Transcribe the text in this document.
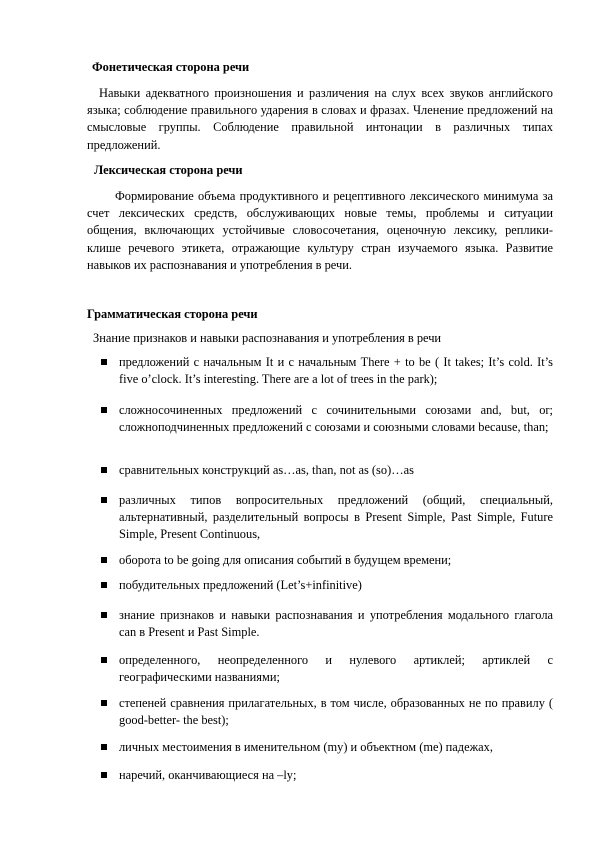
Фонетическая сторона речи
Навыки адекватного произношения и различения на слух всех звуков английского языка; соблюдение правильного ударения в словах и фразах. Членение предложений на смысловые группы. Соблюдение правильной интонации в различных типах предложений.
Лексическая сторона речи
Формирование объема продуктивного и рецептивного лексического минимума за счет лексических средств, обслуживающих новые темы, проблемы и ситуации общения, включающих устойчивые словосочетания, оценочную лексику, реплики-клише речевого этикета, отражающие культуру стран изучаемого языка. Развитие навыков их распознавания и употребления в речи.
Грамматическая сторона речи
Знание признаков и навыки распознавания и употребления в речи
предложений с начальным It и с начальным There + to be ( It takes; It’s cold. It’s five o’clock. It’s interesting. There are a lot of trees in the park);
сложносочиненных предложений с сочинительными союзами and, but, or; сложноподчиненных предложений с союзами и союзными словами because, than;
сравнительных конструкций as…as, than, not as (so)…as
различных типов вопросительных предложений (общий, специальный, альтернативный, разделительный вопросы в Present Simple, Past Simple, Future Simple, Present Continuous,
оборота to be going для описания событий в будущем времени;
побудительных предложений (Let’s+infinitive)
знание признаков и навыки распознавания и употребления модального глагола can в Present и Past Simple.
определенного, неопределенного и нулевого артиклей; артиклей с географическими названиями;
степеней сравнения прилагательных, в том числе, образованных не по правилу ( good-better- the best);
личных местоимения в именительном (my) и объектном (me) падежах,
наречий, оканчивающиеся на –ly;
